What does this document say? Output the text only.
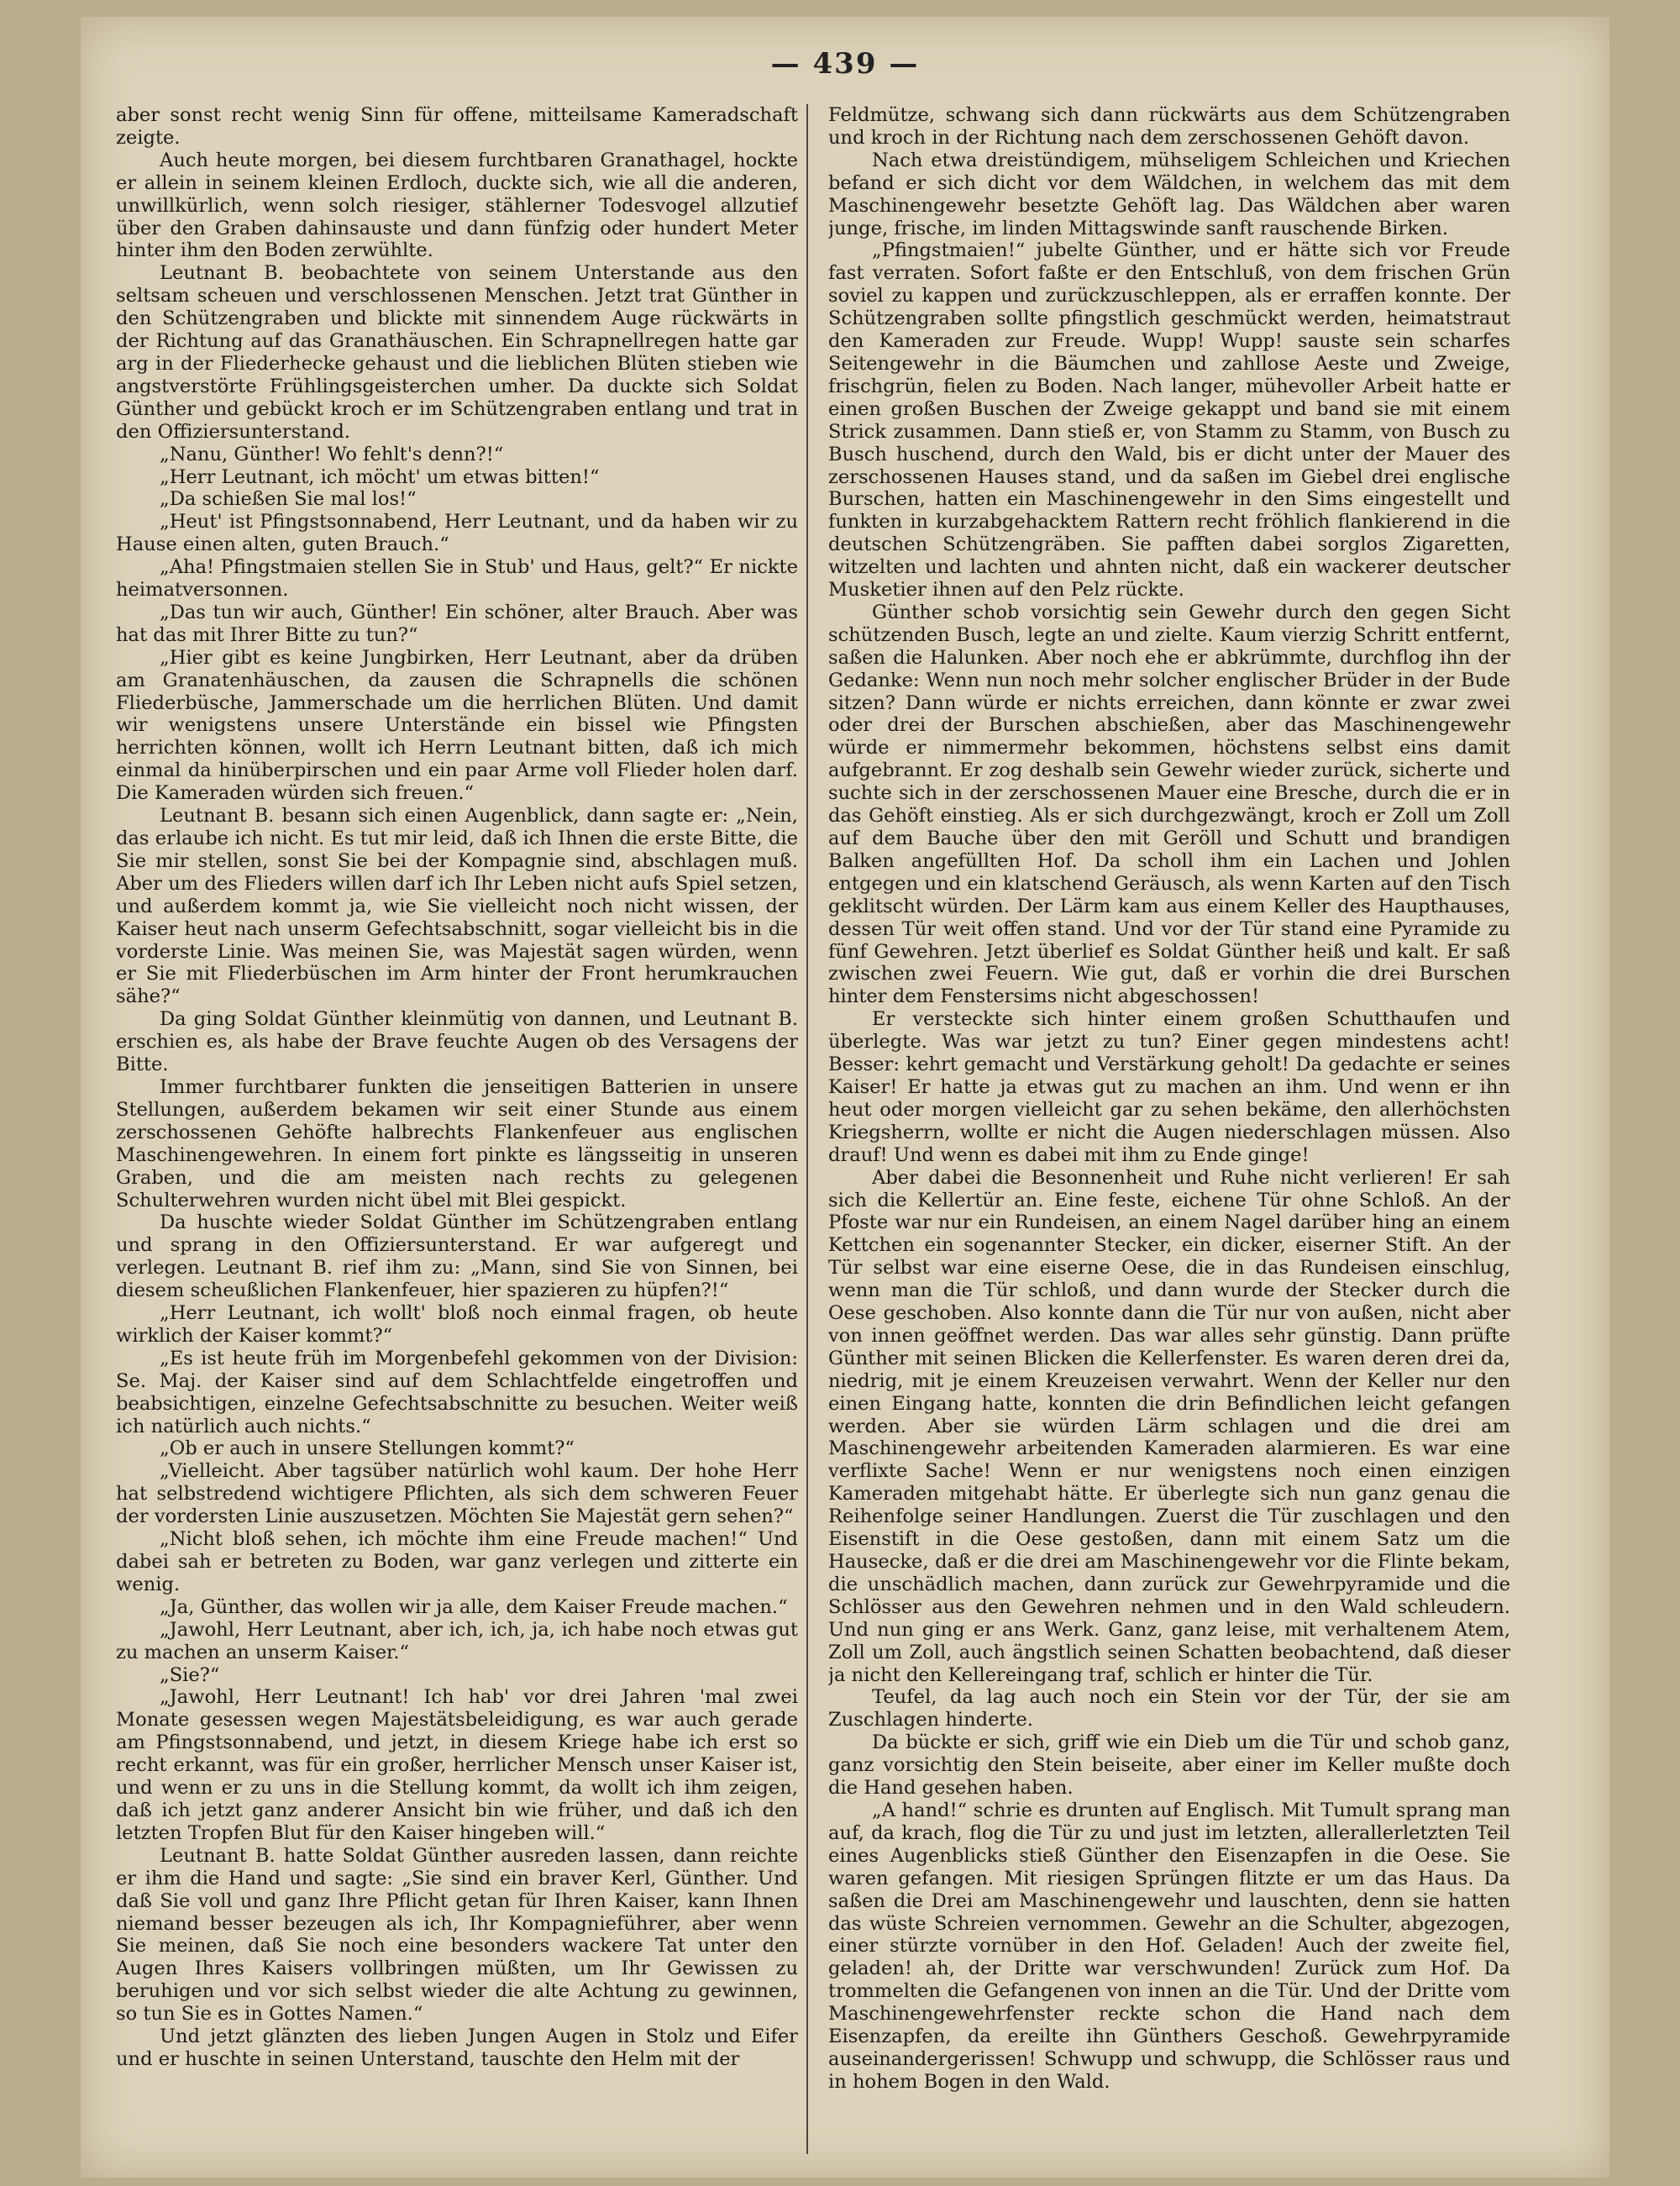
— 439 —

aber sonst recht wenig Sinn für offene, mitteilsame Kameradschaft zeigte.

Auch heute morgen, bei diesem furchtbaren Granathagel, hockte er allein in seinem kleinen Erdloch, duckte sich, wie all die anderen, unwillkürlich, wenn solch riesiger, stählerner Todesvogel allzutief über den Graben dahinsauste und dann fünfzig oder hundert Meter hinter ihm den Boden zerwühlte.

Leutnant B. beobachtete von seinem Unterstande aus den seltsam scheuen und verschlossenen Menschen. Jetzt trat Günther in den Schützengraben und blickte mit sinnendem Auge rückwärts in der Richtung auf das Granathäuschen. Ein Schrapnellregen hatte gar arg in der Fliederhecke gehaust und die lieblichen Blüten stieben wie angstverstörte Frühlingsgeisterchen umher. Da duckte sich Soldat Günther und gebückt kroch er im Schützengraben entlang und trat in den Offiziersunterstand.

„Nanu, Günther! Wo fehlt's denn?!“

„Herr Leutnant, ich möcht' um etwas bitten!“

„Da schießen Sie mal los!“

„Heut' ist Pfingstsonnabend, Herr Leutnant, und da haben wir zu Hause einen alten, guten Brauch.“

„Aha! Pfingstmaien stellen Sie in Stub' und Haus, gelt?“ Er nickte heimatversonnen.

„Das tun wir auch, Günther! Ein schöner, alter Brauch. Aber was hat das mit Ihrer Bitte zu tun?“

„Hier gibt es keine Jungbirken, Herr Leutnant, aber da drüben am Granatenhäuschen, da zausen die Schrapnells die schönen Fliederbüsche, Jammerschade um die herrlichen Blüten. Und damit wir wenigstens unsere Unterstände ein bissel wie Pfingsten herrichten können, wollt ich Herrn Leutnant bitten, daß ich mich einmal da hinüberpirschen und ein paar Arme voll Flieder holen darf. Die Kameraden würden sich freuen.“

Leutnant B. besann sich einen Augenblick, dann sagte er: „Nein, das erlaube ich nicht. Es tut mir leid, daß ich Ihnen die erste Bitte, die Sie mir stellen, sonst Sie bei der Kompagnie sind, abschlagen muß. Aber um des Flieders willen darf ich Ihr Leben nicht aufs Spiel setzen, und außerdem kommt ja, wie Sie vielleicht noch nicht wissen, der Kaiser heut nach unserm Gefechtsabschnitt, sogar vielleicht bis in die vorderste Linie. Was meinen Sie, was Majestät sagen würden, wenn er Sie mit Fliederbüschen im Arm hinter der Front herumkrauchen sähe?“

Da ging Soldat Günther kleinmütig von dannen, und Leutnant B. erschien es, als habe der Brave feuchte Augen ob des Versagens der Bitte.

Immer furchtbarer funkten die jenseitigen Batterien in unsere Stellungen, außerdem bekamen wir seit einer Stunde aus einem zerschossenen Gehöfte halbrechts Flankenfeuer aus englischen Maschinengewehren. In einem fort pinkte es längsseitig in unseren Graben, und die am meisten nach rechts zu gelegenen Schulterwehren wurden nicht übel mit Blei gespickt.

Da huschte wieder Soldat Günther im Schützengraben entlang und sprang in den Offiziersunterstand. Er war aufgeregt und verlegen. Leutnant B. rief ihm zu: „Mann, sind Sie von Sinnen, bei diesem scheußlichen Flankenfeuer, hier spazieren zu hüpfen?!“

„Herr Leutnant, ich wollt' bloß noch einmal fragen, ob heute wirklich der Kaiser kommt?“

„Es ist heute früh im Morgenbefehl gekommen von der Division: Se. Maj. der Kaiser sind auf dem Schlachtfelde eingetroffen und beabsichtigen, einzelne Gefechtsabschnitte zu besuchen. Weiter weiß ich natürlich auch nichts.“

„Ob er auch in unsere Stellungen kommt?“

„Vielleicht. Aber tagsüber natürlich wohl kaum. Der hohe Herr hat selbstredend wichtigere Pflichten, als sich dem schweren Feuer der vordersten Linie auszusetzen. Möchten Sie Majestät gern sehen?“

„Nicht bloß sehen, ich möchte ihm eine Freude machen!“ Und dabei sah er betreten zu Boden, war ganz verlegen und zitterte ein wenig.

„Ja, Günther, das wollen wir ja alle, dem Kaiser Freude machen.“

„Jawohl, Herr Leutnant, aber ich, ich, ja, ich habe noch etwas gut zu machen an unserm Kaiser.“

„Sie?“

„Jawohl, Herr Leutnant! Ich hab' vor drei Jahren 'mal zwei Monate gesessen wegen Majestätsbeleidigung, es war auch gerade am Pfingstsonnabend, und jetzt, in diesem Kriege habe ich erst so recht erkannt, was für ein großer, herrlicher Mensch unser Kaiser ist, und wenn er zu uns in die Stellung kommt, da wollt ich ihm zeigen, daß ich jetzt ganz anderer Ansicht bin wie früher, und daß ich den letzten Tropfen Blut für den Kaiser hingeben will.“

Leutnant B. hatte Soldat Günther ausreden lassen, dann reichte er ihm die Hand und sagte: „Sie sind ein braver Kerl, Günther. Und daß Sie voll und ganz Ihre Pflicht getan für Ihren Kaiser, kann Ihnen niemand besser bezeugen als ich, Ihr Kompagnieführer, aber wenn Sie meinen, daß Sie noch eine besonders wackere Tat unter den Augen Ihres Kaisers vollbringen müßten, um Ihr Gewissen zu beruhigen und vor sich selbst wieder die alte Achtung zu gewinnen, so tun Sie es in Gottes Namen.“

Und jetzt glänzten des lieben Jungen Augen in Stolz und Eifer und er huschte in seinen Unterstand, tauschte den Helm mit der

Feldmütze, schwang sich dann rückwärts aus dem Schützengraben und kroch in der Richtung nach dem zerschossenen Gehöft davon.

Nach etwa dreistündigem, mühseligem Schleichen und Kriechen befand er sich dicht vor dem Wäldchen, in welchem das mit dem Maschinengewehr besetzte Gehöft lag. Das Wäldchen aber waren junge, frische, im linden Mittagswinde sanft rauschende Birken.

„Pfingstmaien!“ jubelte Günther, und er hätte sich vor Freude fast verraten. Sofort faßte er den Entschluß, von dem frischen Grün soviel zu kappen und zurückzuschleppen, als er erraffen konnte. Der Schützengraben sollte pfingstlich geschmückt werden, heimatstraut den Kameraden zur Freude. Wupp! Wupp! sauste sein scharfes Seitengewehr in die Bäumchen und zahllose Aeste und Zweige, frischgrün, fielen zu Boden. Nach langer, mühevoller Arbeit hatte er einen großen Buschen der Zweige gekappt und band sie mit einem Strick zusammen. Dann stieß er, von Stamm zu Stamm, von Busch zu Busch huschend, durch den Wald, bis er dicht unter der Mauer des zerschossenen Hauses stand, und da saßen im Giebel drei englische Burschen, hatten ein Maschinengewehr in den Sims eingestellt und funkten in kurzabgehacktem Rattern recht fröhlich flankierend in die deutschen Schützengräben. Sie pafften dabei sorglos Zigaretten, witzelten und lachten und ahnten nicht, daß ein wackerer deutscher Musketier ihnen auf den Pelz rückte.

Günther schob vorsichtig sein Gewehr durch den gegen Sicht schützenden Busch, legte an und zielte. Kaum vierzig Schritt entfernt, saßen die Halunken. Aber noch ehe er abkrümmte, durchflog ihn der Gedanke: Wenn nun noch mehr solcher englischer Brüder in der Bude sitzen? Dann würde er nichts erreichen, dann könnte er zwar zwei oder drei der Burschen abschießen, aber das Maschinengewehr würde er nimmermehr bekommen, höchstens selbst eins damit aufgebrannt. Er zog deshalb sein Gewehr wieder zurück, sicherte und suchte sich in der zerschossenen Mauer eine Bresche, durch die er in das Gehöft einstieg. Als er sich durchgezwängt, kroch er Zoll um Zoll auf dem Bauche über den mit Geröll und Schutt und brandigen Balken angefüllten Hof. Da scholl ihm ein Lachen und Johlen entgegen und ein klatschend Geräusch, als wenn Karten auf den Tisch geklitscht würden. Der Lärm kam aus einem Keller des Haupthauses, dessen Tür weit offen stand. Und vor der Tür stand eine Pyramide zu fünf Gewehren. Jetzt überlief es Soldat Günther heiß und kalt. Er saß zwischen zwei Feuern. Wie gut, daß er vorhin die drei Burschen hinter dem Fenstersims nicht abgeschossen!

Er versteckte sich hinter einem großen Schutthaufen und überlegte. Was war jetzt zu tun? Einer gegen mindestens acht! Besser: kehrt gemacht und Verstärkung geholt! Da gedachte er seines Kaiser! Er hatte ja etwas gut zu machen an ihm. Und wenn er ihn heut oder morgen vielleicht gar zu sehen bekäme, den allerhöchsten Kriegsherrn, wollte er nicht die Augen niederschlagen müssen. Also drauf! Und wenn es dabei mit ihm zu Ende ginge!

Aber dabei die Besonnenheit und Ruhe nicht verlieren! Er sah sich die Kellertür an. Eine feste, eichene Tür ohne Schloß. An der Pfoste war nur ein Rundeisen, an einem Nagel darüber hing an einem Kettchen ein sogenannter Stecker, ein dicker, eiserner Stift. An der Tür selbst war eine eiserne Oese, die in das Rundeisen einschlug, wenn man die Tür schloß, und dann wurde der Stecker durch die Oese geschoben. Also konnte dann die Tür nur von außen, nicht aber von innen geöffnet werden. Das war alles sehr günstig. Dann prüfte Günther mit seinen Blicken die Kellerfenster. Es waren deren drei da, niedrig, mit je einem Kreuzeisen verwahrt. Wenn der Keller nur den einen Eingang hatte, konnten die drin Befindlichen leicht gefangen werden. Aber sie würden Lärm schlagen und die drei am Maschinengewehr arbeitenden Kameraden alarmieren. Es war eine verflixte Sache! Wenn er nur wenigstens noch einen einzigen Kameraden mitgehabt hätte. Er überlegte sich nun ganz genau die Reihenfolge seiner Handlungen. Zuerst die Tür zuschlagen und den Eisenstift in die Oese gestoßen, dann mit einem Satz um die Hausecke, daß er die drei am Maschinengewehr vor die Flinte bekam, die unschädlich machen, dann zurück zur Gewehrpyramide und die Schlösser aus den Gewehren nehmen und in den Wald schleudern. Und nun ging er ans Werk. Ganz, ganz leise, mit verhaltenem Atem, Zoll um Zoll, auch ängstlich seinen Schatten beobachtend, daß dieser ja nicht den Kellereingang traf, schlich er hinter die Tür.

Teufel, da lag auch noch ein Stein vor der Tür, der sie am Zuschlagen hinderte.

Da bückte er sich, griff wie ein Dieb um die Tür und schob ganz, ganz vorsichtig den Stein beiseite, aber einer im Keller mußte doch die Hand gesehen haben.

„A hand!“ schrie es drunten auf Englisch. Mit Tumult sprang man auf, da krach, flog die Tür zu und just im letzten, allerallerletzten Teil eines Augenblicks stieß Günther den Eisenzapfen in die Oese. Sie waren gefangen. Mit riesigen Sprüngen flitzte er um das Haus. Da saßen die Drei am Maschinengewehr und lauschten, denn sie hatten das wüste Schreien vernommen. Gewehr an die Schulter, abgezogen, einer stürzte vornüber in den Hof. Geladen! Auch der zweite fiel, geladen! ah, der Dritte war verschwunden! Zurück zum Hof. Da trommelten die Gefangenen von innen an die Tür. Und der Dritte vom Maschinengewehrfenster reckte schon die Hand nach dem Eisenzapfen, da ereilte ihn Günthers Geschoß. Gewehrpyramide auseinandergerissen! Schwupp und schwupp, die Schlösser raus und in hohem Bogen in den Wald.
